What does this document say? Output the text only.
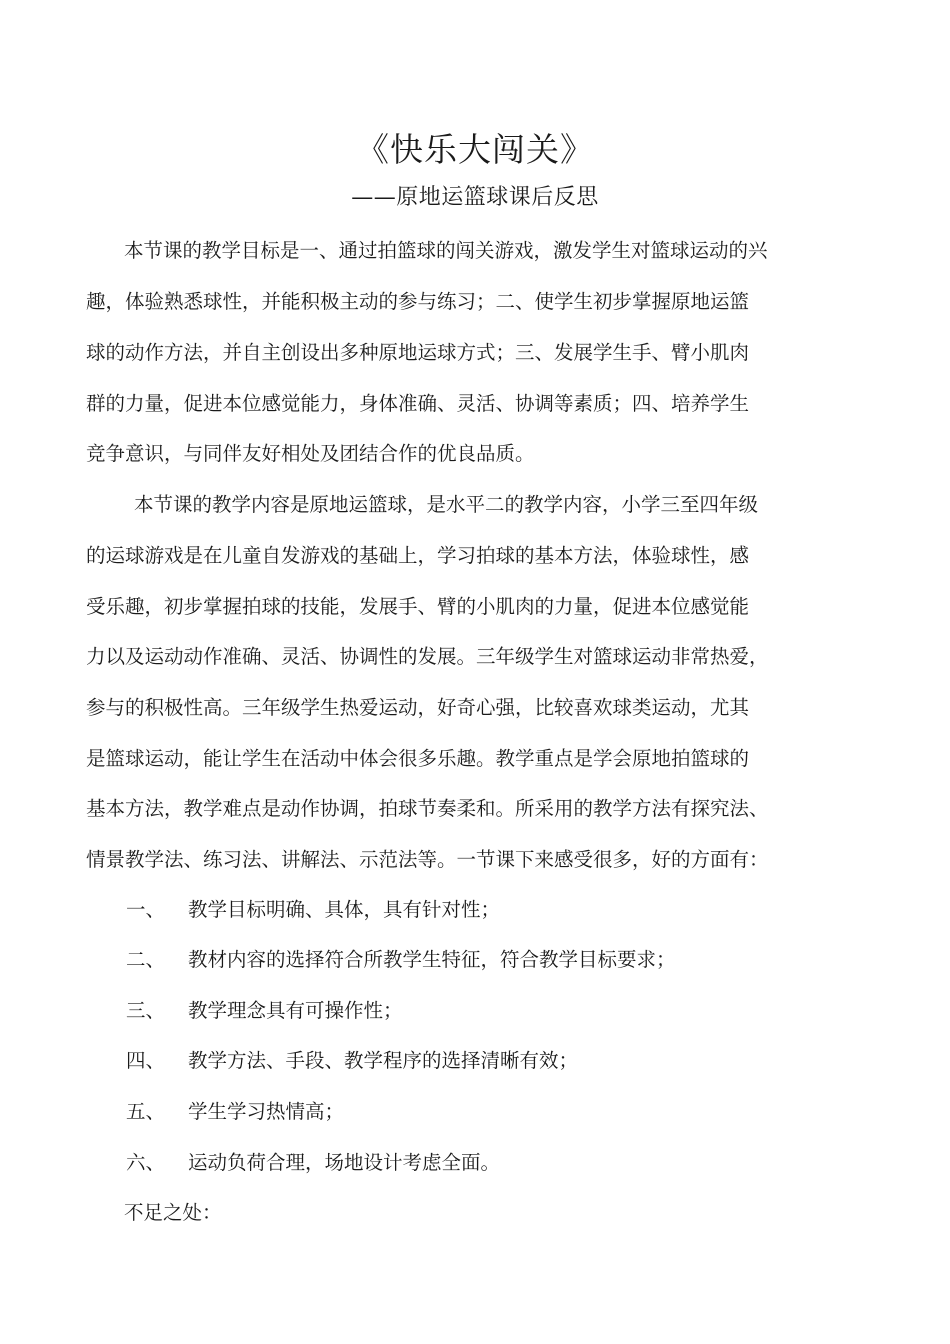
《快乐大闯关》
——原地运篮球课后反思
本节课的教学目标是一、通过拍篮球的闯关游戏，激发学生对篮球运动的兴
趣，体验熟悉球性，并能积极主动的参与练习；二、使学生初步掌握原地运篮
球的动作方法，并自主创设出多种原地运球方式；三、发展学生手、臂小肌肉
群的力量，促进本位感觉能力，身体准确、灵活、协调等素质；四、培养学生
竞争意识，与同伴友好相处及团结合作的优良品质。
本节课的教学内容是原地运篮球，是水平二的教学内容，小学三至四年级
的运球游戏是在儿童自发游戏的基础上，学习拍球的基本方法，体验球性，感
受乐趣，初步掌握拍球的技能，发展手、臂的小肌肉的力量，促进本位感觉能
力以及运动动作准确、灵活、协调性的发展。三年级学生对篮球运动非常热爱，
参与的积极性高。三年级学生热爱运动，好奇心强，比较喜欢球类运动，尤其
是篮球运动，能让学生在活动中体会很多乐趣。教学重点是学会原地拍篮球的
基本方法，教学难点是动作协调，拍球节奏柔和。所采用的教学方法有探究法、
情景教学法、练习法、讲解法、示范法等。一节课下来感受很多，好的方面有：
一、 教学目标明确、具体，具有针对性；
二、 教材内容的选择符合所教学生特征，符合教学目标要求；
三、 教学理念具有可操作性；
四、 教学方法、手段、教学程序的选择清晰有效；
五、 学生学习热情高；
六、 运动负荷合理，场地设计考虑全面。
不足之处：
